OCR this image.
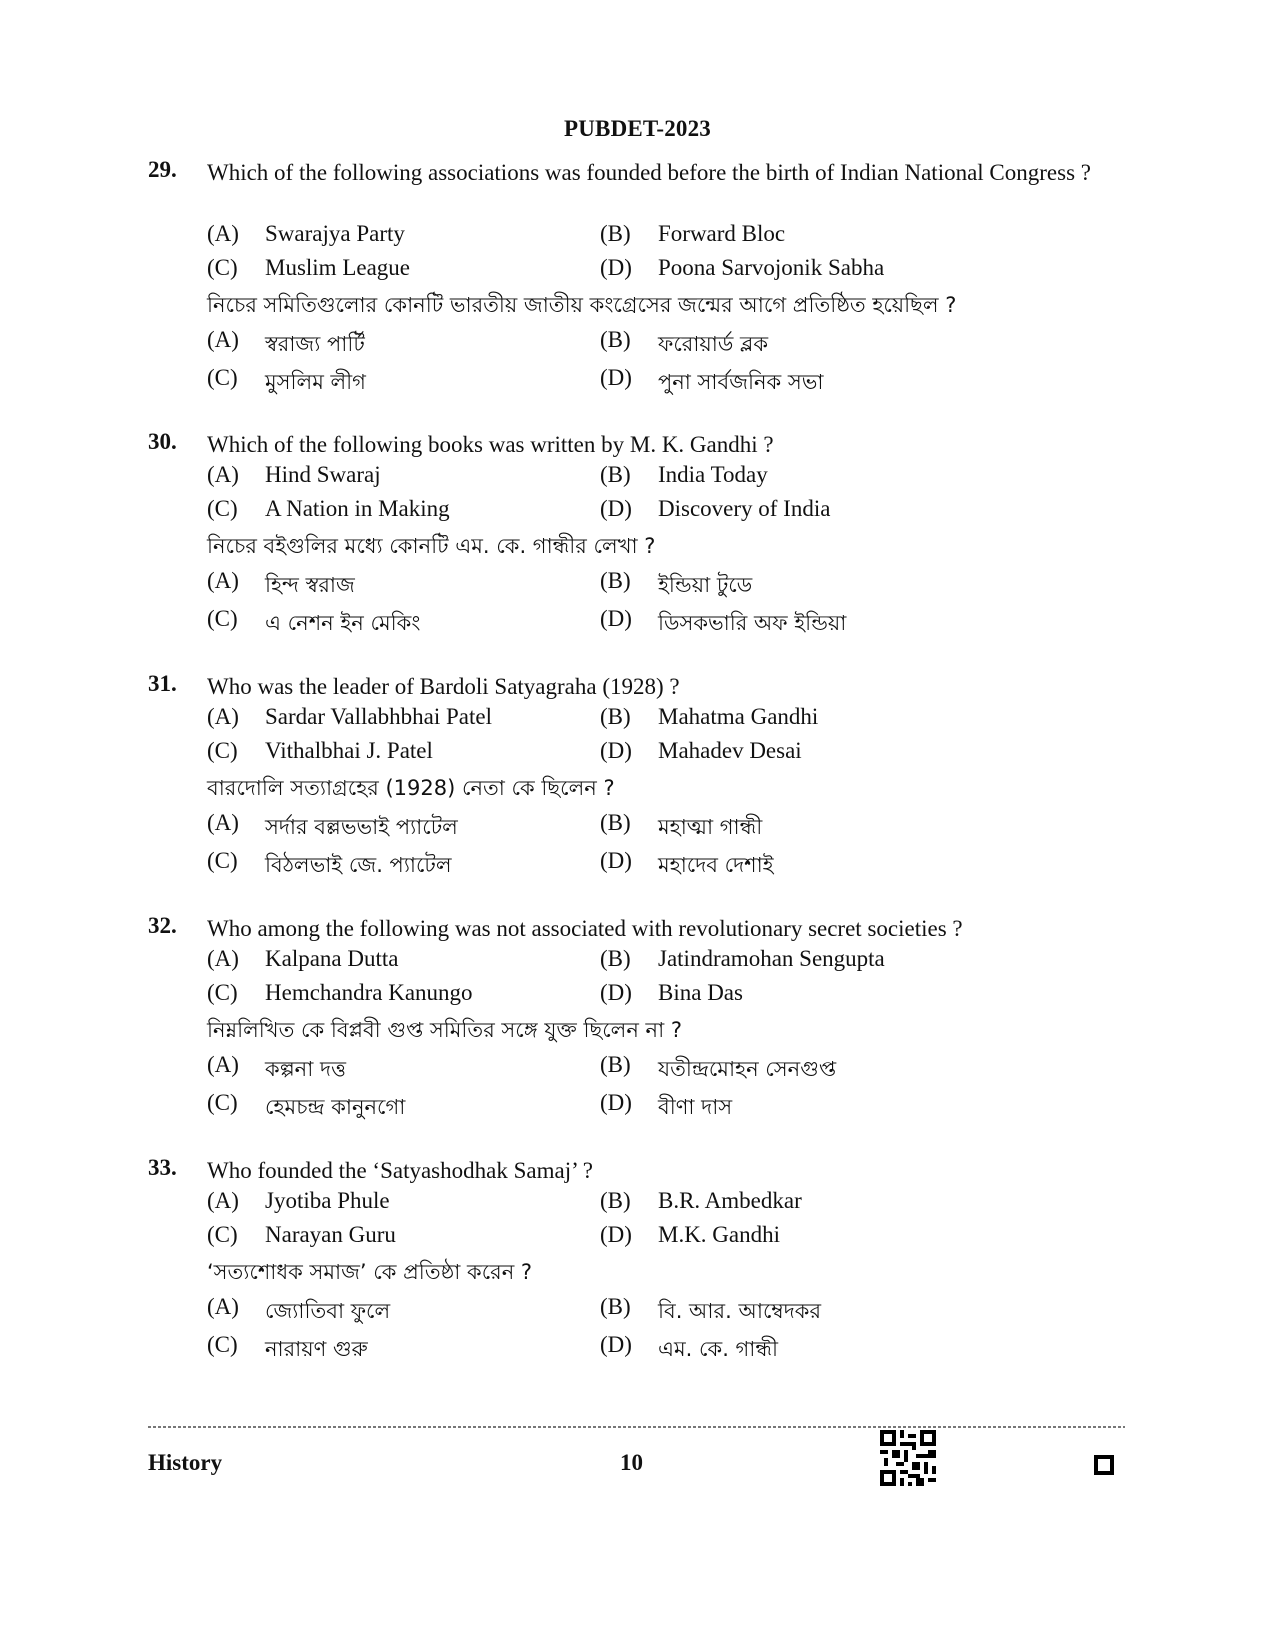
PUBDET-2023
29. Which of the following associations was founded before the birth of Indian National Congress ?
(A) Swarajya Party	(B) Forward Bloc
(C) Muslim League	(D) Poona Sarvojonik Sabha
নিচের সমিতিগুলোর কোনটি ভারতীয় জাতীয় কংগ্রেসের জন্মের আগে প্রতিষ্ঠিত হয়েছিল ?
(A) স্বরাজ্য পার্টি	(B) ফরোয়ার্ড ব্লক
(C) মুসলিম লীগ	(D) পুনা সার্বজনিক সভা
30. Which of the following books was written by M. K. Gandhi ?
(A) Hind Swaraj	(B) India Today
(C) A Nation in Making	(D) Discovery of India
নিচের বইগুলির মধ্যে কোনটি এম. কে. গান্ধীর লেখা ?
(A) হিন্দ স্বরাজ	(B) ইন্ডিয়া টুডে
(C) এ নেশন ইন মেকিং	(D) ডিসকভারি অফ ইন্ডিয়া
31. Who was the leader of Bardoli Satyagraha (1928) ?
(A) Sardar Vallabhbhai Patel	(B) Mahatma Gandhi
(C) Vithalbhai J. Patel	(D) Mahadev Desai
বারদোলি সত্যাগ্রহের (1928) নেতা কে ছিলেন ?
(A) সর্দার বল্লভভাই প্যাটেল	(B) মহাত্মা গান্ধী
(C) বিঠলভাই জে. প্যাটেল	(D) মহাদেব দেশাই
32. Who among the following was not associated with revolutionary secret societies ?
(A) Kalpana Dutta	(B) Jatindramohan Sengupta
(C) Hemchandra Kanungo	(D) Bina Das
নিম্নলিখিত কে বিপ্লবী গুপ্ত সমিতির সঙ্গে যুক্ত ছিলেন না ?
(A) কল্পনা দত্ত	(B) যতীন্দ্রমোহন সেনগুপ্ত
(C) হেমচন্দ্র কানুনগো	(D) বীণা দাস
33. Who founded the ‘Satyashodhak Samaj’ ?
(A) Jyotiba Phule	(B) B.R. Ambedkar
(C) Narayan Guru	(D) M.K. Gandhi
‘সত্যশোধক সমাজ’ কে প্রতিষ্ঠা করেন ?
(A) জ্যোতিবা ফুলে	(B) বি. আর. আম্বেদকর
(C) নারায়ণ গুরু	(D) এম. কে. গান্ধী
History	10
